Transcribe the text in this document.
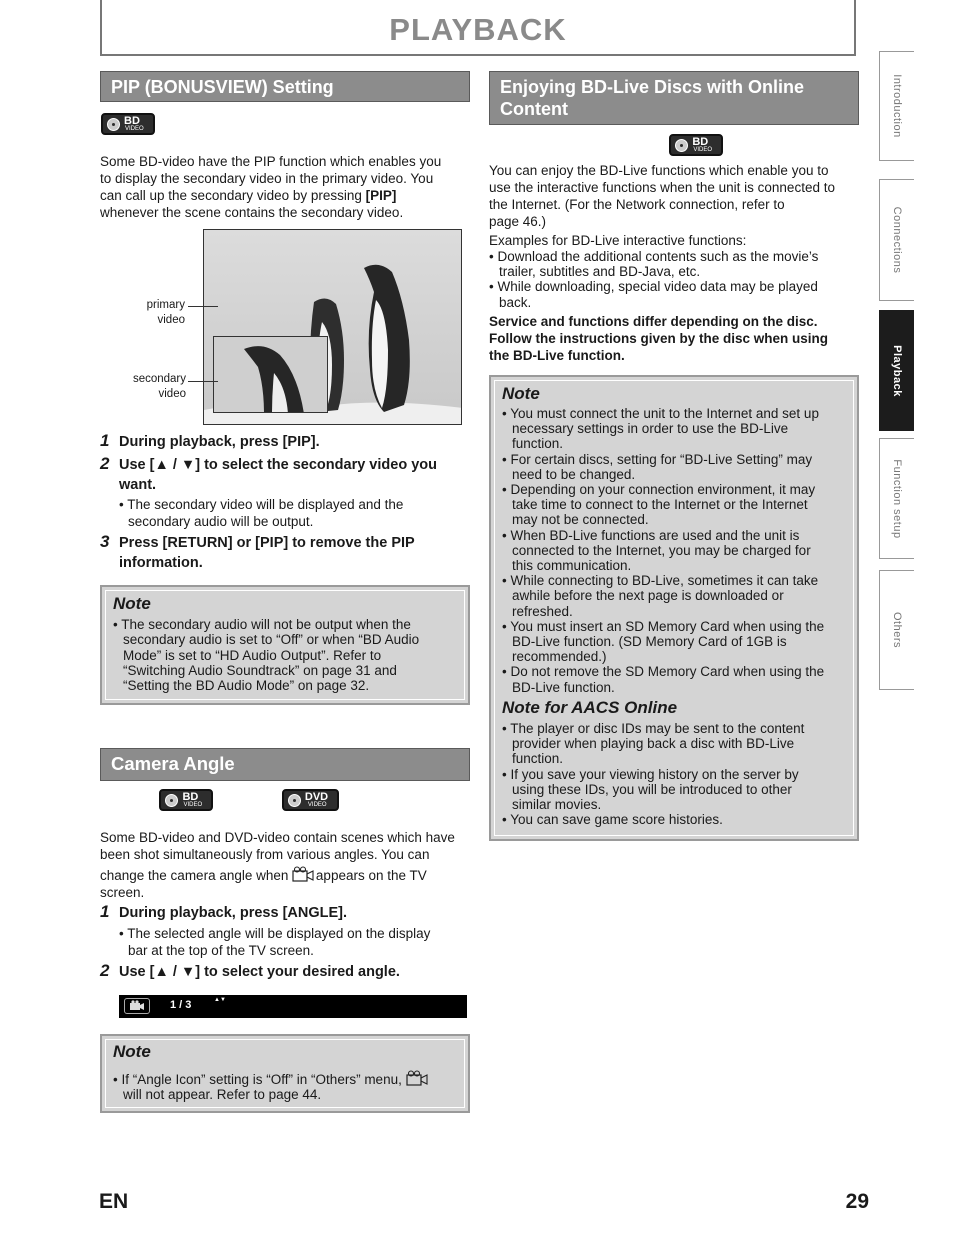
PLAYBACK
Introduction
Connections
Playback
Function setup
Others
PIP (BONUSVIEW) Setting
BD
VIDEO

Some BD-video have the PIP function which enables you
to display the secondary video in the primary video. You
can call up the secondary video by pressing [PIP]
whenever the scene contains the secondary video.
primary
video
secondary
video
1 During playback, press [PIP].
2 Use [▲ / ▼] to select the secondary video you
want.
• The secondary video will be displayed and the
secondary audio will be output.
3 Press [RETURN] or [PIP] to remove the PIP
information.
Note
• The secondary audio will not be output when the
secondary audio is set to “Off” or when “BD Audio
Mode” is set to “HD Audio Output”. Refer to
“Switching Audio Soundtrack” on page 31 and
“Setting the BD Audio Mode” on page 32.
Camera Angle
BD
VIDEO

DVD
VIDEO

Some BD-video and DVD-video contain scenes which have
been shot simultaneously from various angles. You can
change the camera angle when appears on the TV
screen.
1 During playback, press [ANGLE].
• The selected angle will be displayed on the display
bar at the top of the TV screen.
2 Use [▲ / ▼] to select your desired angle.
1 / 3	▲▼
Note
• If “Angle Icon” setting is “Off” in “Others” menu,
will not appear. Refer to page 44.
Enjoying BD-Live Discs with Online
Content
BD
VIDEO
You can enjoy the BD-Live functions which enable you to
use the interactive functions when the unit is connected to
the Internet. (For the Network connection, refer to
page 46.)
Examples for BD-Live interactive functions:
• Download the additional contents such as the movie’s
trailer, subtitles and BD-Java, etc.
• While downloading, special video data may be played
back.
Service and functions differ depending on the disc.
Follow the instructions given by the disc when using
the BD-Live function.
Note
• You must connect the unit to the Internet and set up
necessary settings in order to use the BD-Live
function.
• For certain discs, setting for “BD-Live Setting” may
need to be changed.
• Depending on your connection environment, it may
take time to connect to the Internet or the Internet
may not be connected.
• When BD-Live functions are used and the unit is
connected to the Internet, you may be charged for
this communication.
• While connecting to BD-Live, sometimes it can take
awhile before the next page is downloaded or
refreshed.
• You must insert an SD Memory Card when using the
BD-Live function. (SD Memory Card of 1GB is
recommended.)
• Do not remove the SD Memory Card when using the
BD-Live function.
Note for AACS Online
• The player or disc IDs may be sent to the content
provider when playing back a disc with BD-Live
function.
• If you save your viewing history on the server by
using these IDs, you will be introduced to other
similar movies.
• You can save game score histories.
EN	29
